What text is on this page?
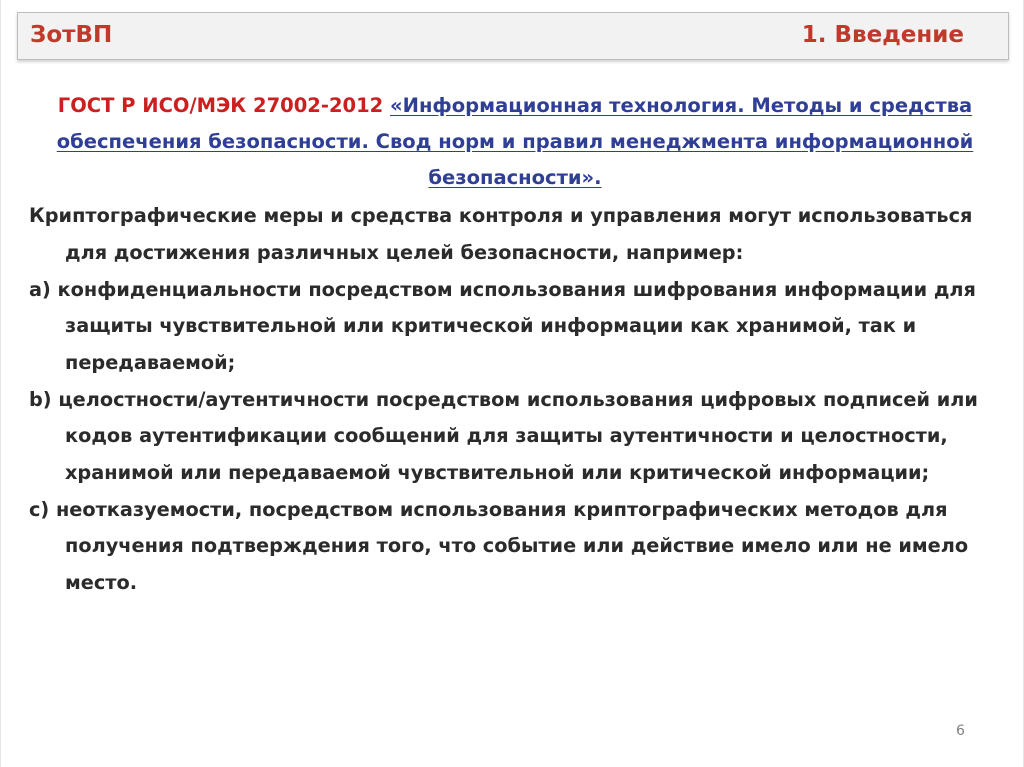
ЗотВП	1. Введение
ГОСТ Р ИСО/МЭК 27002-2012 «Информационная технология. Методы и средства обеспечения безопасности. Свод норм и правил менеджмента информационной безопасности».

Криптографические меры и средства контроля и управления могут использоваться для достижения различных целей безопасности, например:

a) конфиденциальности посредством использования шифрования информации для защиты чувствительной или критической информации как хранимой, так и передаваемой;

b) целостности/аутентичности посредством использования цифровых подписей или кодов аутентификации сообщений для защиты аутентичности и целостности, хранимой или передаваемой чувствительной или критической информации;

c) неотказуемости, посредством использования криптографических методов для получения подтверждения того, что событие или действие имело или не имело место.

6
